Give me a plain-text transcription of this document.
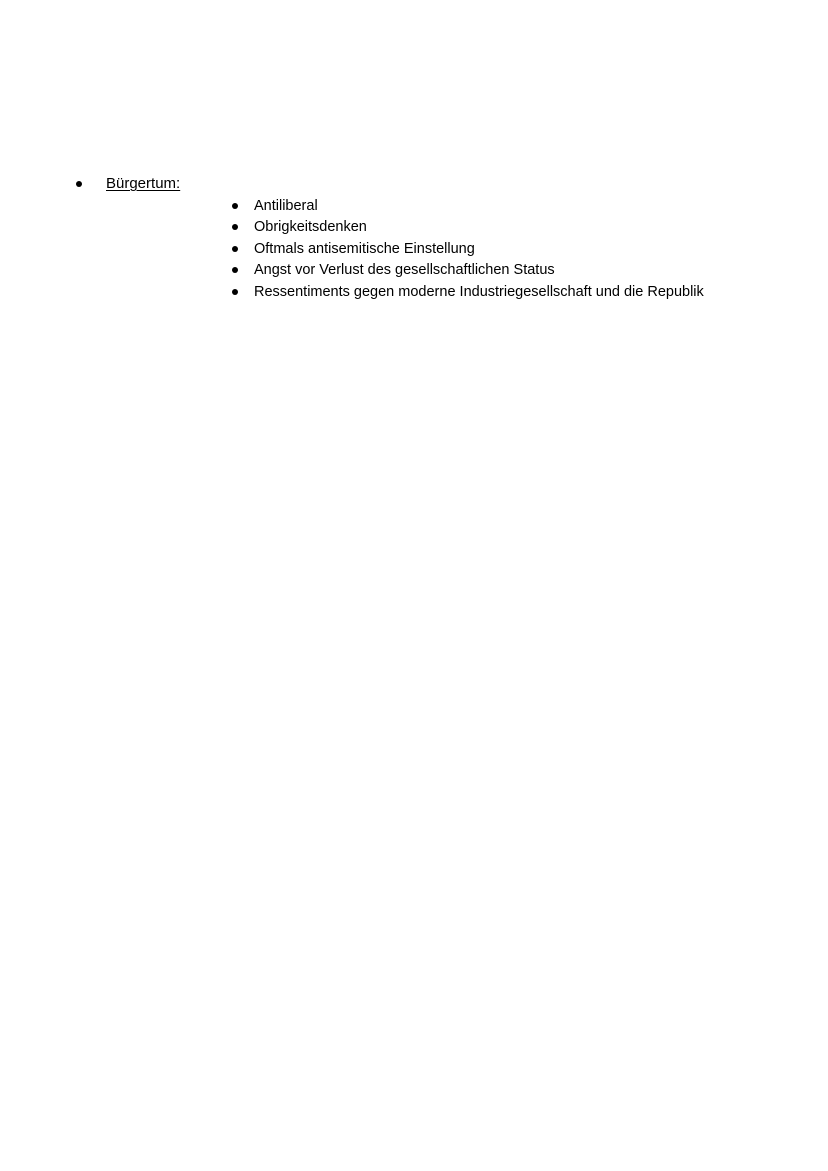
Bürgertum:
Antiliberal
Obrigkeitsdenken
Oftmals antisemitische Einstellung
Angst vor Verlust des gesellschaftlichen Status
Ressentiments gegen moderne Industriegesellschaft und die Republik
